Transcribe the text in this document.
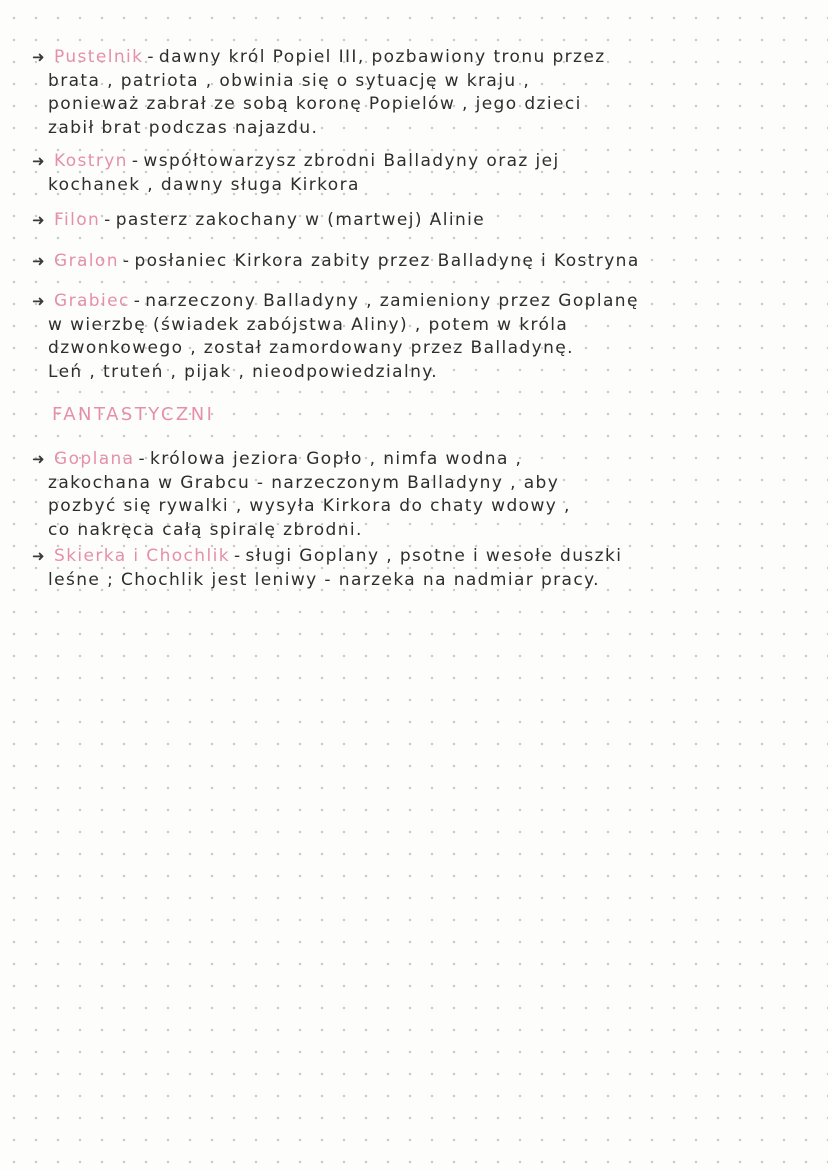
➜ Pustelnik - dawny król Popiel III, pozbawiony tronu przez
brata , patriota , obwinia się o sytuację w kraju ,
ponieważ zabrał ze sobą koronę Popielów , jego dzieci
zabił brat podczas najazdu.
➜ Kostryn - współtowarzysz zbrodni Balladyny oraz jej
kochanek , dawny sługa Kirkora
➜ Filon - pasterz zakochany w (martwej) Alinie
➜ Gralon - posłaniec Kirkora zabity przez Balladynę i Kostryna
➜ Grabiec - narzeczony Balladyny , zamieniony przez Goplanę
w wierzbę (świadek zabójstwa Aliny) , potem w króla
dzwonkowego , został zamordowany przez Balladynę.
Leń , truteń , pijak , nieodpowiedzialny.
FANTASTYCZNI
➜ Goplana - królowa jeziora Gopło , nimfa wodna ,
zakochana w Grabcu - narzeczonym Balladyny , aby
pozbyć się rywalki , wysyła Kirkora do chaty wdowy ,
co nakręca całą spiralę zbrodni.
➜ Skierka i Chochlik - sługi Goplany , psotne i wesołe duszki
leśne ; Chochlik jest leniwy - narzeka na nadmiar pracy.
